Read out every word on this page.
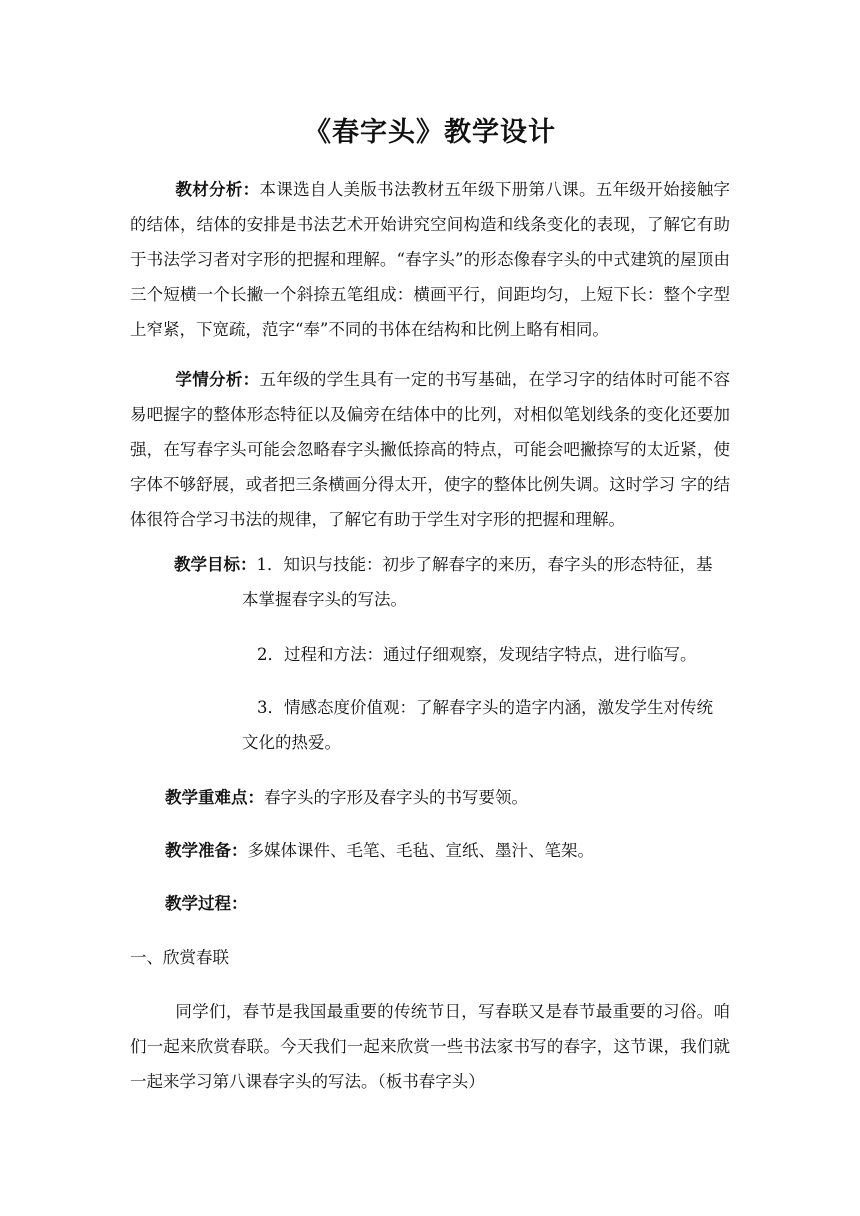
《春字头》教学设计
教材分析：本课选自人美版书法教材五年级下册第八课。五年级开始接触字的结体，结体的安排是书法艺术开始讲究空间构造和线条变化的表现，了解它有助于书法学习者对字形的把握和理解。“春字头”的形态像春字头的中式建筑的屋顶由三个短横一个长撇一个斜捺五笔组成：横画平行，间距均匀，上短下长：整个字型上窄紧，下宽疏，范字“奉”不同的书体在结构和比例上略有相同。
学情分析：五年级的学生具有一定的书写基础，在学习字的结体时可能不容易吧握字的整体形态特征以及偏旁在结体中的比列，对相似笔划线条的变化还要加强，在写春字头可能会忽略春字头撇低捺高的特点，可能会吧撇捺写的太近紧，使字体不够舒展，或者把三条横画分得太开，使字的整体比例失调。这时学习 字的结体很符合学习书法的规律，了解它有助于学生对字形的把握和理解。
教学目标：1．知识与技能：初步了解春字的来历，春字头的形态特征，基
本掌握春字头的写法。
2．过程和方法：通过仔细观察，发现结字特点，进行临写。
3．情感态度价值观：了解春字头的造字内涵，激发学生对传统
文化的热爱。
教学重难点：春字头的字形及春字头的书写要领。
教学准备：多媒体课件、毛笔、毛毡、宣纸、墨汁、笔架。
教学过程：
一、欣赏春联
同学们，春节是我国最重要的传统节日，写春联又是春节最重要的习俗。咱们一起来欣赏春联。今天我们一起来欣赏一些书法家书写的春字，这节课，我们就一起来学习第八课春字头的写法。（板书春字头）
